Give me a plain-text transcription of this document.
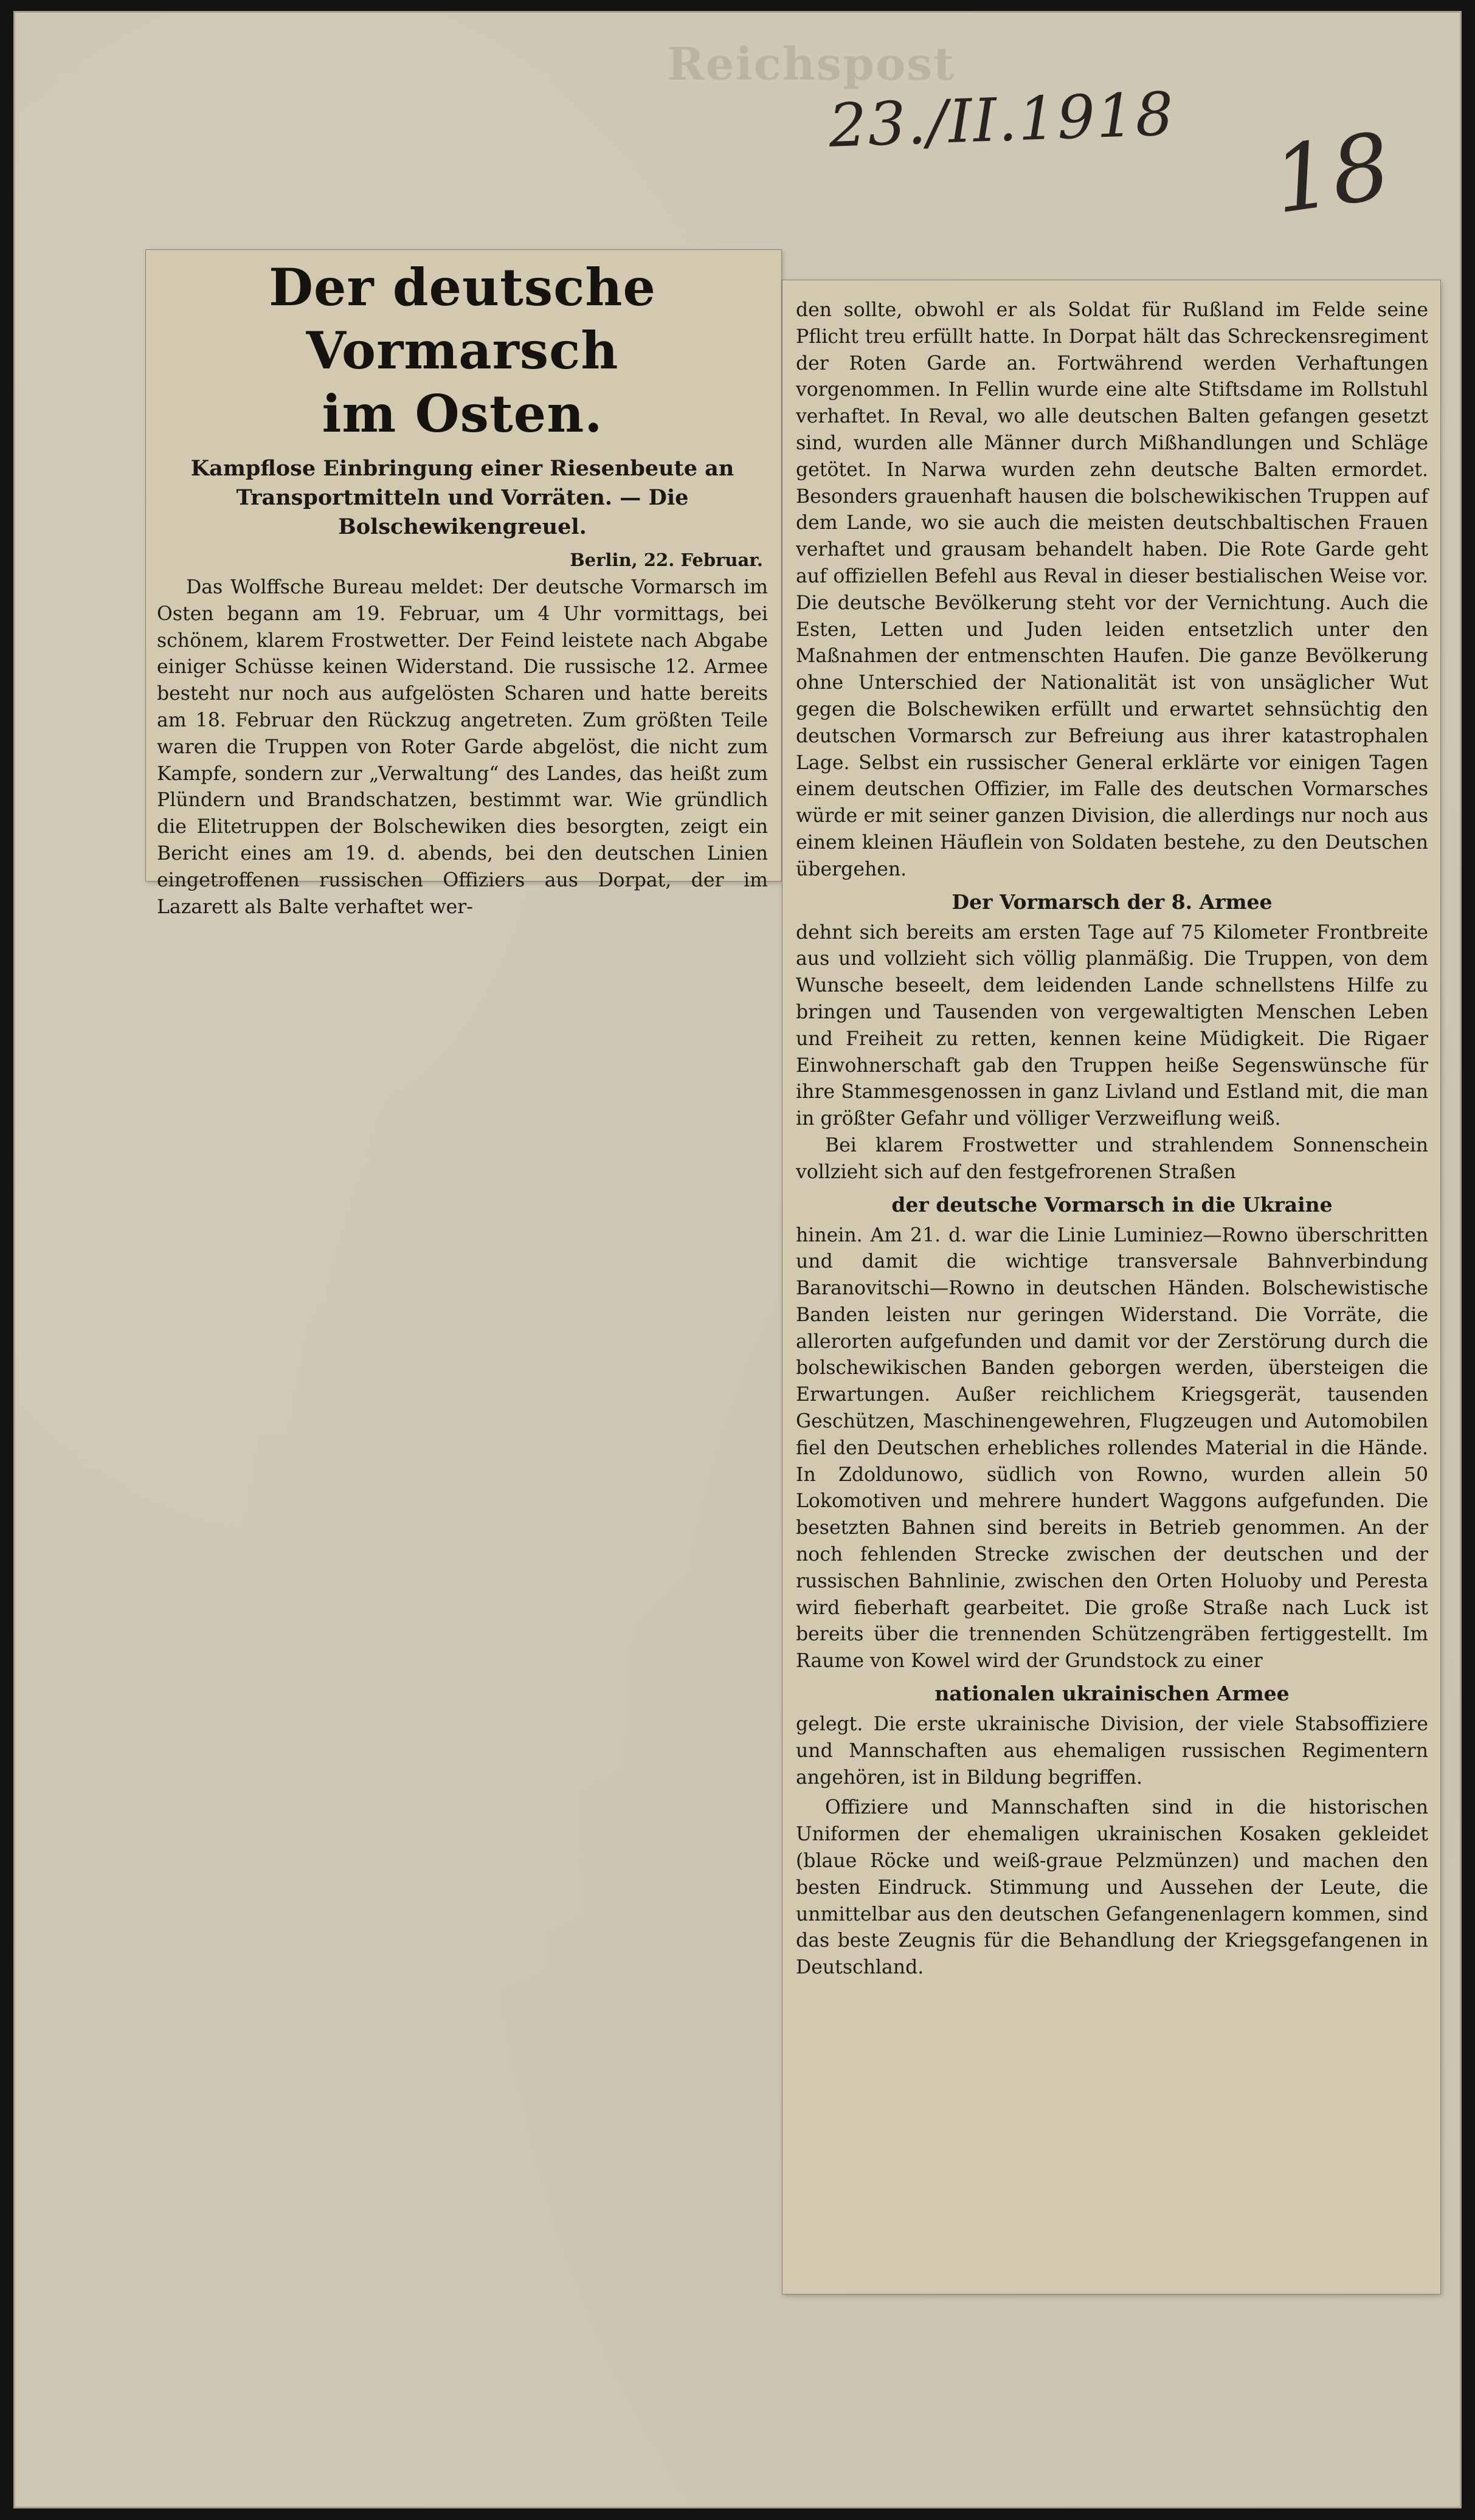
Reichspost
23./II.1918 18
Der deutsche Vormarsch
im Osten.
Kampflose Einbringung einer Riesenbeute an Transportmitteln und Vorräten. — Die Bolschewikengreuel.
Berlin, 22. Februar.

Das Wolffsche Bureau meldet: Der deutsche Vormarsch im Osten begann am 19. Februar, um 4 Uhr vormittags, bei schönem, klarem Frostwetter. Der Feind leistete nach Abgabe einiger Schüsse keinen Widerstand. Die russische 12. Armee besteht nur noch aus aufgelösten Scharen und hatte bereits am 18. Februar den Rückzug angetreten. Zum größten Teile waren die Truppen von Roter Garde abgelöst, die nicht zum Kampfe, sondern zur „Verwaltung“ des Landes, das heißt zum Plündern und Brandschatzen, bestimmt war. Wie gründlich die Elitetruppen der Bolschewiken dies besorgten, zeigt ein Bericht eines am 19. d. abends, bei den deutschen Linien eingetroffenen russischen Offiziers aus Dorpat, der im Lazarett als Balte verhaftet wer-

den sollte, obwohl er als Soldat für Rußland im Felde seine Pflicht treu erfüllt hatte. In Dorpat hält das Schreckensregiment der Roten Garde an. Fortwährend werden Verhaftungen vorgenommen. In Fellin wurde eine alte Stiftsdame im Rollstuhl verhaftet. In Reval, wo alle deutschen Balten gefangen gesetzt sind, wurden alle Männer durch Mißhandlungen und Schläge getötet. In Narwa wurden zehn deutsche Balten ermordet. Besonders grauenhaft hausen die bolschewikischen Truppen auf dem Lande, wo sie auch die meisten deutschbaltischen Frauen verhaftet und grausam behandelt haben. Die Rote Garde geht auf offiziellen Befehl aus Reval in dieser bestialischen Weise vor. Die deutsche Bevölkerung steht vor der Vernichtung. Auch die Esten, Letten und Juden leiden entsetzlich unter den Maßnahmen der entmenschten Haufen. Die ganze Bevölkerung ohne Unterschied der Nationalität ist von unsäglicher Wut gegen die Bolschewiken erfüllt und erwartet sehnsüchtig den deutschen Vormarsch zur Befreiung aus ihrer katastrophalen Lage. Selbst ein russischer General erklärte vor einigen Tagen einem deutschen Offizier, im Falle des deutschen Vormarsches würde er mit seiner ganzen Division, die allerdings nur noch aus einem kleinen Häuflein von Soldaten bestehe, zu den Deutschen übergehen.

Der Vormarsch der 8. Armee

dehnt sich bereits am ersten Tage auf 75 Kilometer Frontbreite aus und vollzieht sich völlig planmäßig. Die Truppen, von dem Wunsche beseelt, dem leidenden Lande schnellstens Hilfe zu bringen und Tausenden von vergewaltigten Menschen Leben und Freiheit zu retten, kennen keine Müdigkeit. Die Rigaer Einwohnerschaft gab den Truppen heiße Segenswünsche für ihre Stammesgenossen in ganz Livland und Estland mit, die man in größter Gefahr und völliger Verzweiflung weiß.

Bei klarem Frostwetter und strahlendem Sonnenschein vollzieht sich auf den festgefrorenen Straßen

der deutsche Vormarsch in die Ukraine

hinein. Am 21. d. war die Linie Luminiez—Rowno überschritten und damit die wichtige transversale Bahnverbindung Baranovitschi—Rowno in deutschen Händen. Bolschewistische Banden leisten nur geringen Widerstand. Die Vorräte, die allerorten aufgefunden und damit vor der Zerstörung durch die bolschewikischen Banden geborgen werden, übersteigen die Erwartungen. Außer reichlichem Kriegsgerät, tausenden Geschützen, Maschinengewehren, Flugzeugen und Automobilen fiel den Deutschen erhebliches rollendes Material in die Hände. In Zdoldunowo, südlich von Rowno, wurden allein 50 Lokomotiven und mehrere hundert Waggons aufgefunden. Die besetzten Bahnen sind bereits in Betrieb genommen. An der noch fehlenden Strecke zwischen der deutschen und der russischen Bahnlinie, zwischen den Orten Holuoby und Peresta wird fieberhaft gearbeitet. Die große Straße nach Luck ist bereits über die trennenden Schützengräben fertiggestellt. Im Raume von Kowel wird der Grundstock zu einer

nationalen ukrainischen Armee

gelegt. Die erste ukrainische Division, der viele Stabsoffiziere und Mannschaften aus ehemaligen russischen Regimentern angehören, ist in Bildung begriffen.

Offiziere und Mannschaften sind in die historischen Uniformen der ehemaligen ukrainischen Kosaken gekleidet (blaue Röcke und weiß-graue Pelzmünzen) und machen den besten Eindruck. Stimmung und Aussehen der Leute, die unmittelbar aus den deutschen Gefangenenlagern kommen, sind das beste Zeugnis für die Behandlung der Kriegsgefangenen in Deutschland.
